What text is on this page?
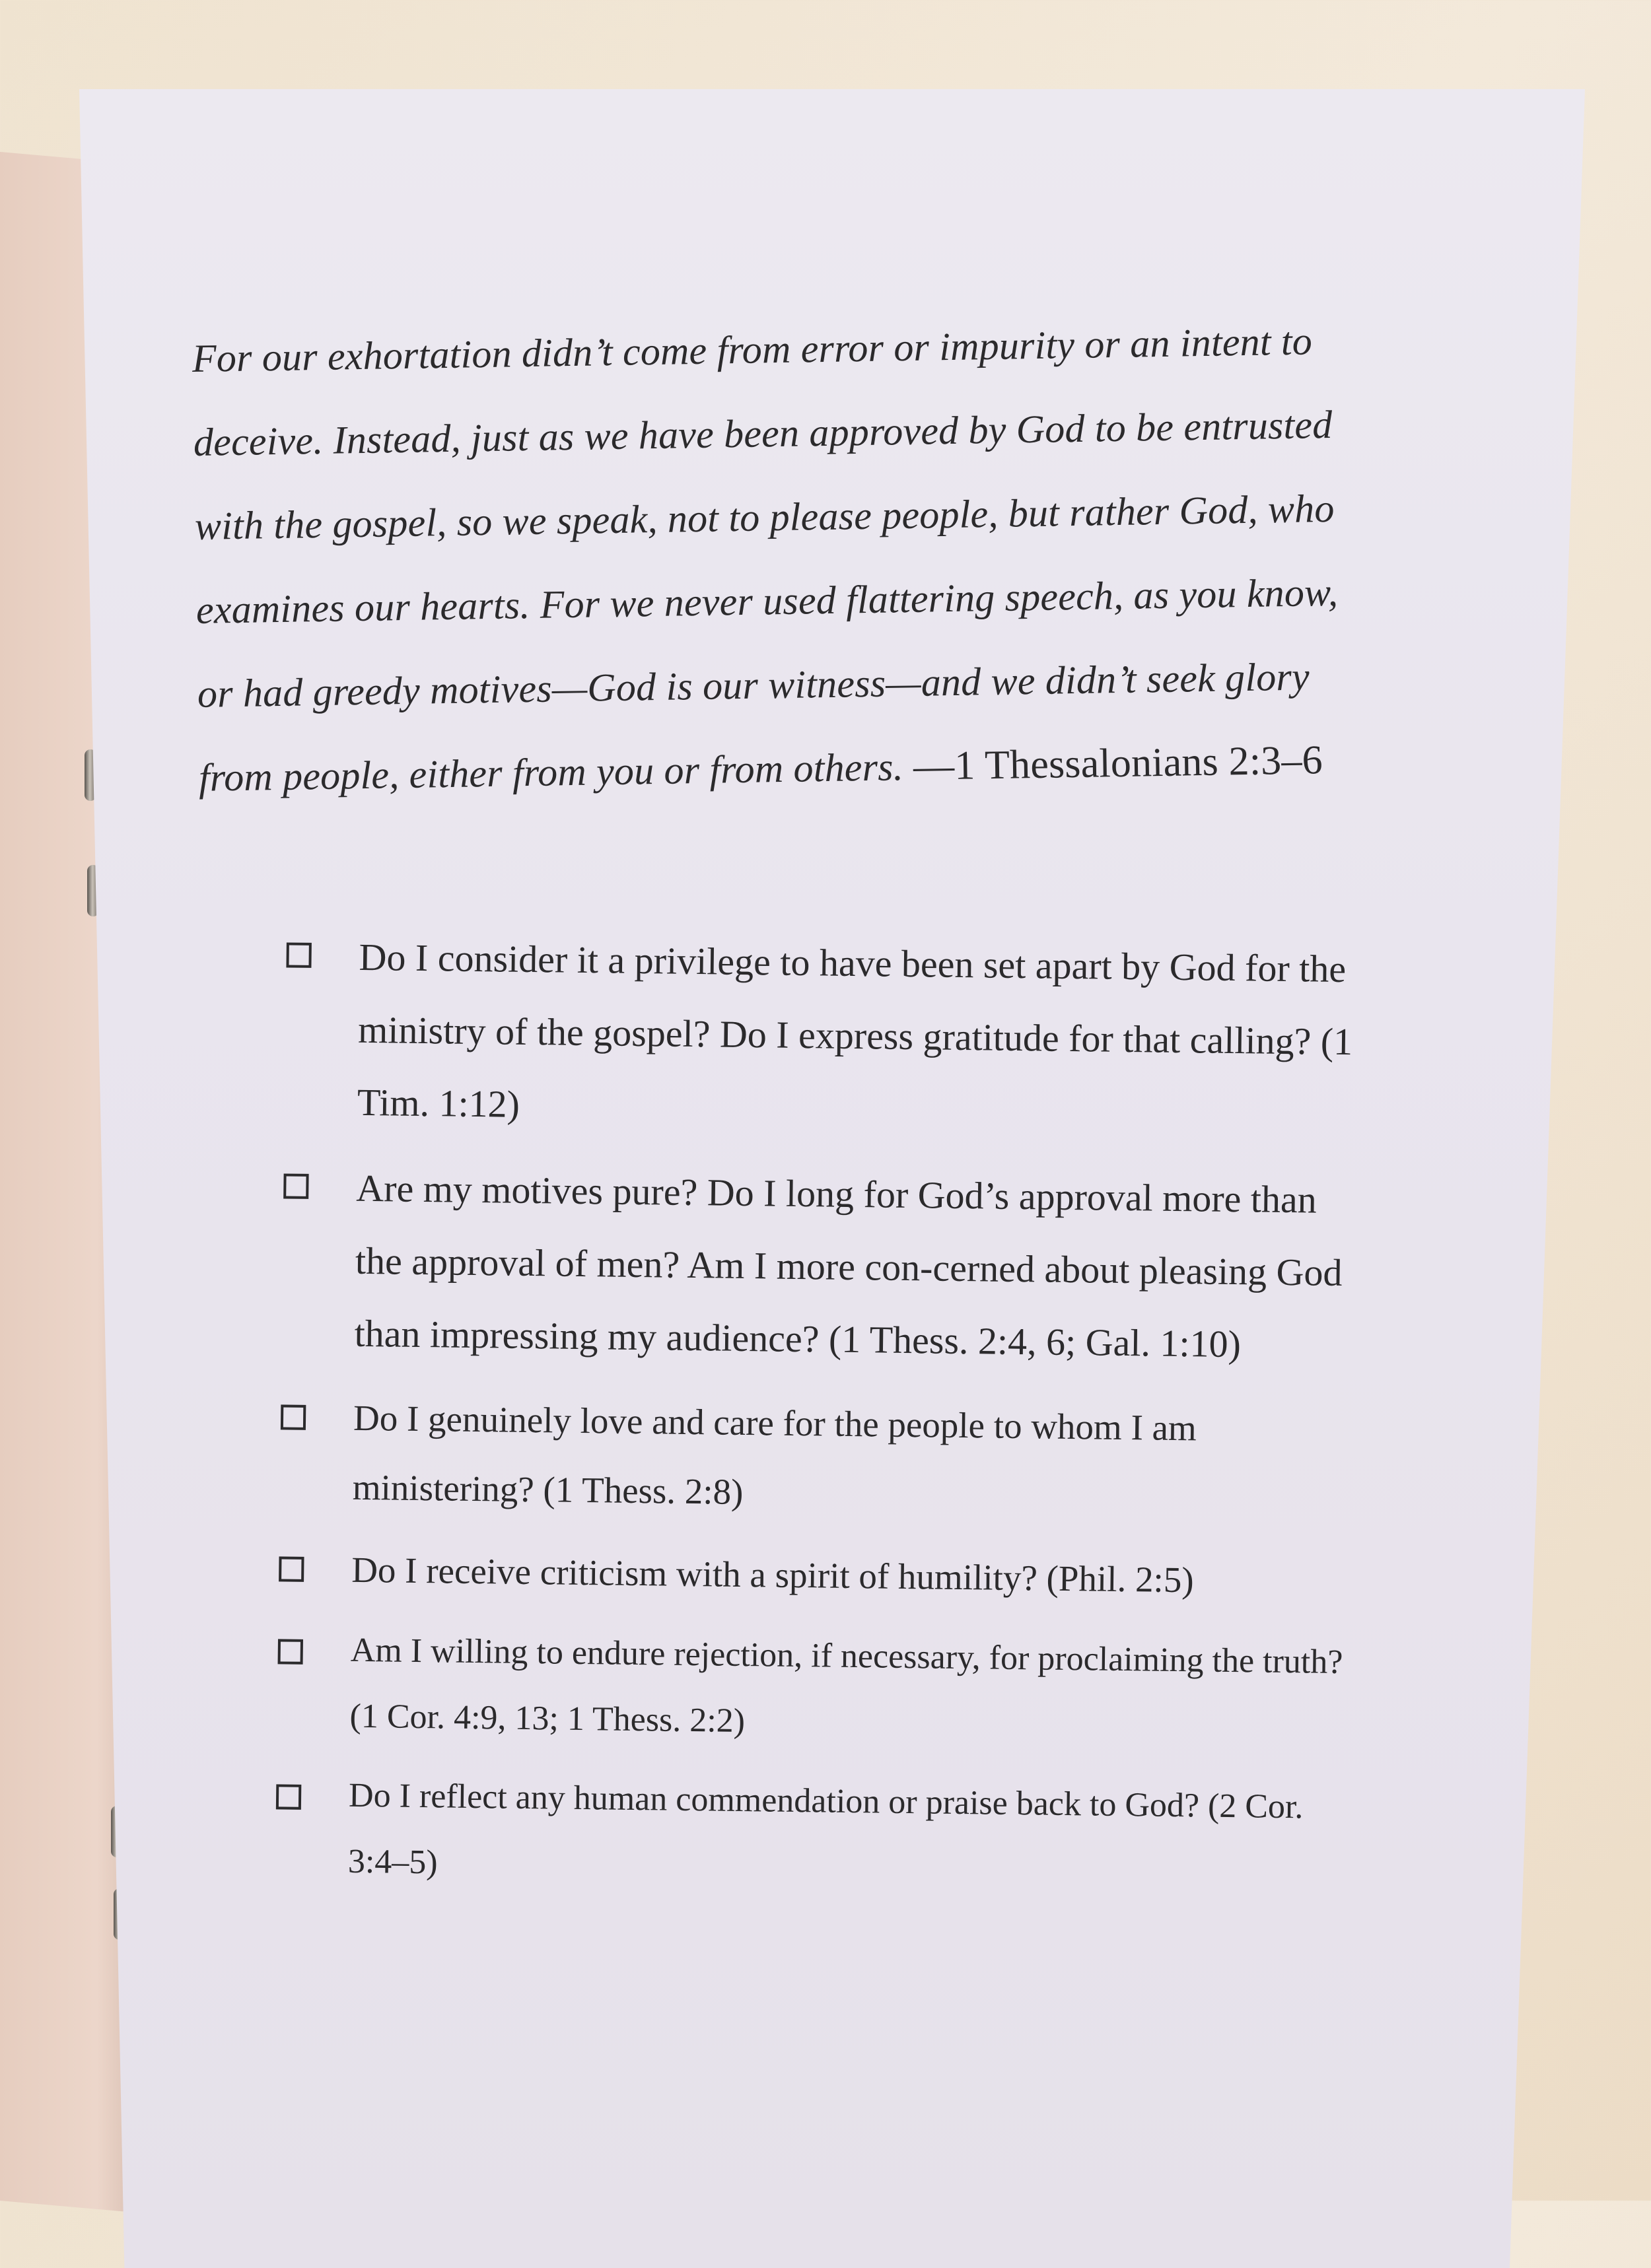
For our exhortation didn’t come from error or impurity or an intent to deceive. Instead, just as we have been approved by God to be entrusted with the gospel, so we speak, not to please people, but rather God, who examines our hearts. For we never used flattering speech, as you know, or had greedy motives—God is our witness—and we didn’t seek glory from people, either from you or from others. —1 Thessalonians 2:3–6

Do I consider it a privilege to have been set apart by God for the ministry of the gospel? Do I express gratitude for that calling? (1 Tim. 1:12)
Are my motives pure? Do I long for God’s approval more than the approval of men? Am I more con-cerned about pleasing God than impressing my audience? (1 Thess. 2:4, 6; Gal. 1:10)
Do I genuinely love and care for the people to whom I am ministering? (1 Thess. 2:8)
Do I receive criticism with a spirit of humility? (Phil. 2:5)
Am I willing to endure rejection, if necessary, for proclaiming the truth? (1 Cor. 4:9, 13; 1 Thess. 2:2)
Do I reflect any human commendation or praise back to God? (2 Cor. 3:4–5)
